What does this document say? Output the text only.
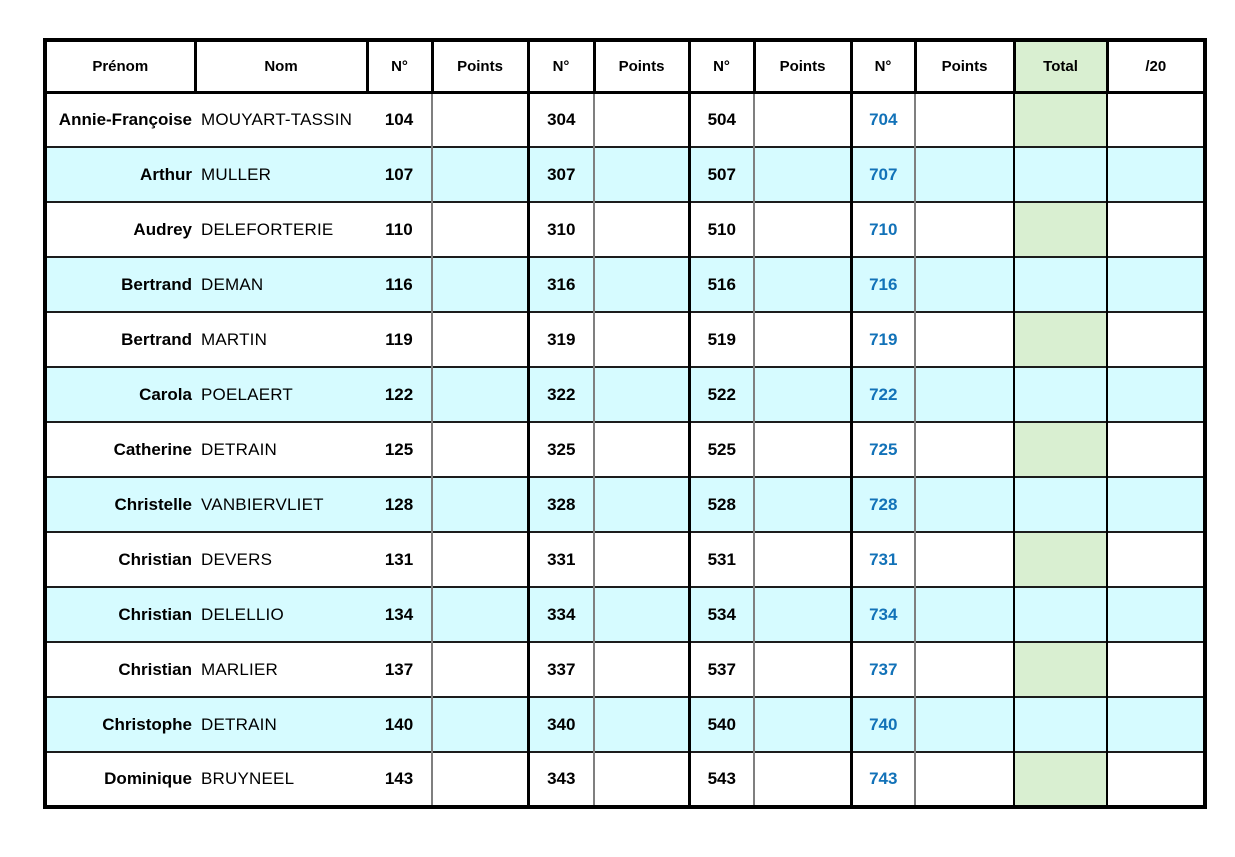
Prénom	Nom	N°	Points	N°	Points	N°	Points	N°	Points	Total	/20
Annie-Françoise	MOUYART-TASSIN	104		304		504		704			
Arthur	MULLER	107		307		507		707			
Audrey	DELEFORTERIE	110		310		510		710			
Bertrand	DEMAN	116		316		516		716			
Bertrand	MARTIN	119		319		519		719			
Carola	POELAERT	122		322		522		722			
Catherine	DETRAIN	125		325		525		725			
Christelle	VANBIERVLIET	128		328		528		728			
Christian	DEVERS	131		331		531		731			
Christian	DELELLIO	134		334		534		734			
Christian	MARLIER	137		337		537		737			
Christophe	DETRAIN	140		340		540		740			
Dominique	BRUYNEEL	143		343		543		743			
